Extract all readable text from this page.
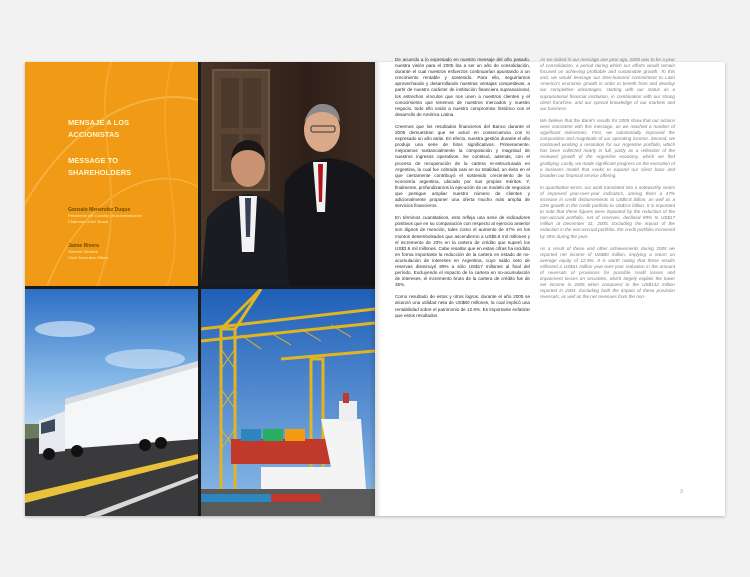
MENSAJE A LOS
ACCIONISTAS
MESSAGE TO
SHAREHOLDERS
Gonzalo Menéndez Duque
Presidente del Consejo de Administración
Chairman of the Board
Jaime Rivera
Gerente General
Chief Executive Officer

De acuerdo a lo expresado en nuestro mensaje del año pasado, nuestra visión para el 2005 iba a ser un año de consolidación, durante el cual nuestros esfuerzos continuarían apuntando a un crecimiento rentable y sostenido. Para ello, seguiríamos aprovechando y desarrollando nuestras ventajas competitivas, a partir de nuestro carácter de institución financiera supranacional, los estrechos vínculos que nos unen a nuestros clientes y el conocimiento que tenemos de nuestros mercados y nuestro negocio, todo ello unido a nuestro compromiso histórico con el desarrollo de América Latina.

Creemos que los resultados financieros del Banco durante el 2005 demuestran que se actuó en consecuencia con lo expresado un año atrás. En efecto, nuestra gestión durante el año produjo una serie de hitos significativos. Primeramente, mejoramos sustancialmente la composición y magnitud de nuestros ingresos operativos. Se continuó, además, con el proceso de recuperación de la cartera re-estructurada en Argentina, la cual fue cobrada casi en su totalidad, un éxito en el que ciertamente contribuyó el sostenido crecimiento de la economía argentina, ubicado por sus propios méritos. Y, finalmente, profundizamos la ejecución de un modelo de negocios que persigue ampliar nuestro número de clientes y adicionalmente proponer una oferta mucho más amplia de servicios financieros.

En términos cuantitativos, esto refleja una serie de indicadores positivos que en su comparación con respecto al ejercicio anterior son dignos de mención, tales como el aumento de 47% en los montos desembolsados que ascendieron a US$6.8 mil millones y el incremento de 23% en la cartera de crédito que superó los US$3.6 mil millones. Cabe resaltar que en estas cifras ha incidido en forma importante la reducción de la cartera en estado de no-acumulación de intereses en Argentina, cuyo saldo neto de reservas disminuyó 89% a sólo US$17 millones al final del período. Excluyendo el impacto de la cartera en no-acumulación de intereses, el incremento bruto de la cartera de crédito fue de 35%.

Como resultado de estos y otros logros, durante el año 2005 se alcanzó una utilidad neta de US$80 millones, la cual implicó una rentabilidad sobre el patrimonio de 12.9%. Es importante enfatizar que estos resultados

As we stated in our message one year ago, 2005 was to be a year of consolidation, a period during which our efforts would remain focused on achieving profitable and sustainable growth. To this end, we would leverage our time-honored commitment to Latin America's economic growth in order to benefit from and develop our competitive advantages, starting with our status as a supranational financial institution, in combination with our strong client franchise, and our special knowledge of our markets and our business.

We believe that the Bank's results for 2005 show that our actions were consistent with this message, as we reached a number of significant milestones. First, we substantially improved the composition and magnitude of our operating income. Second, we continued working a resolution for our Argentine portfolio, which has been collected nearly in full, partly as a reflection of the renewed growth of the Argentine economy, which we find gratifying. Lastly, we made significant progress on the execution of a business model that seeks to expand our client base and broaden our financial service offering.

In quantitative terms, our work translated into a noteworthy series of improved year-over-year indicators, among them a 47% increase in credit disbursements to US$6.8 billion, as well as a 23% growth in the credit portfolio to US$3.6 billion. It is important to note that these figures were impacted by the reduction of the non-accrual portfolio, net of reserves, declined 89% to US$17 million at December 31, 2005. Excluding the impact of the reduction in the non-accrual portfolio, the credit portfolio increased by 35% during the year.

As a result of these and other achievements during 2005 we reported net income of US$80 million, implying a return on average equity of 12.9%. It is worth noting that these results reflected a US$61 million year-over-year reduction in the amount of reversals of provisions for possible credit losses and impairment losses on securities, which largely explain the lower net income in 2005 when compared to the US$142 million reported in 2004. Excluding both the impact of these provision reversals, as well as the net revenues from the non-

3
